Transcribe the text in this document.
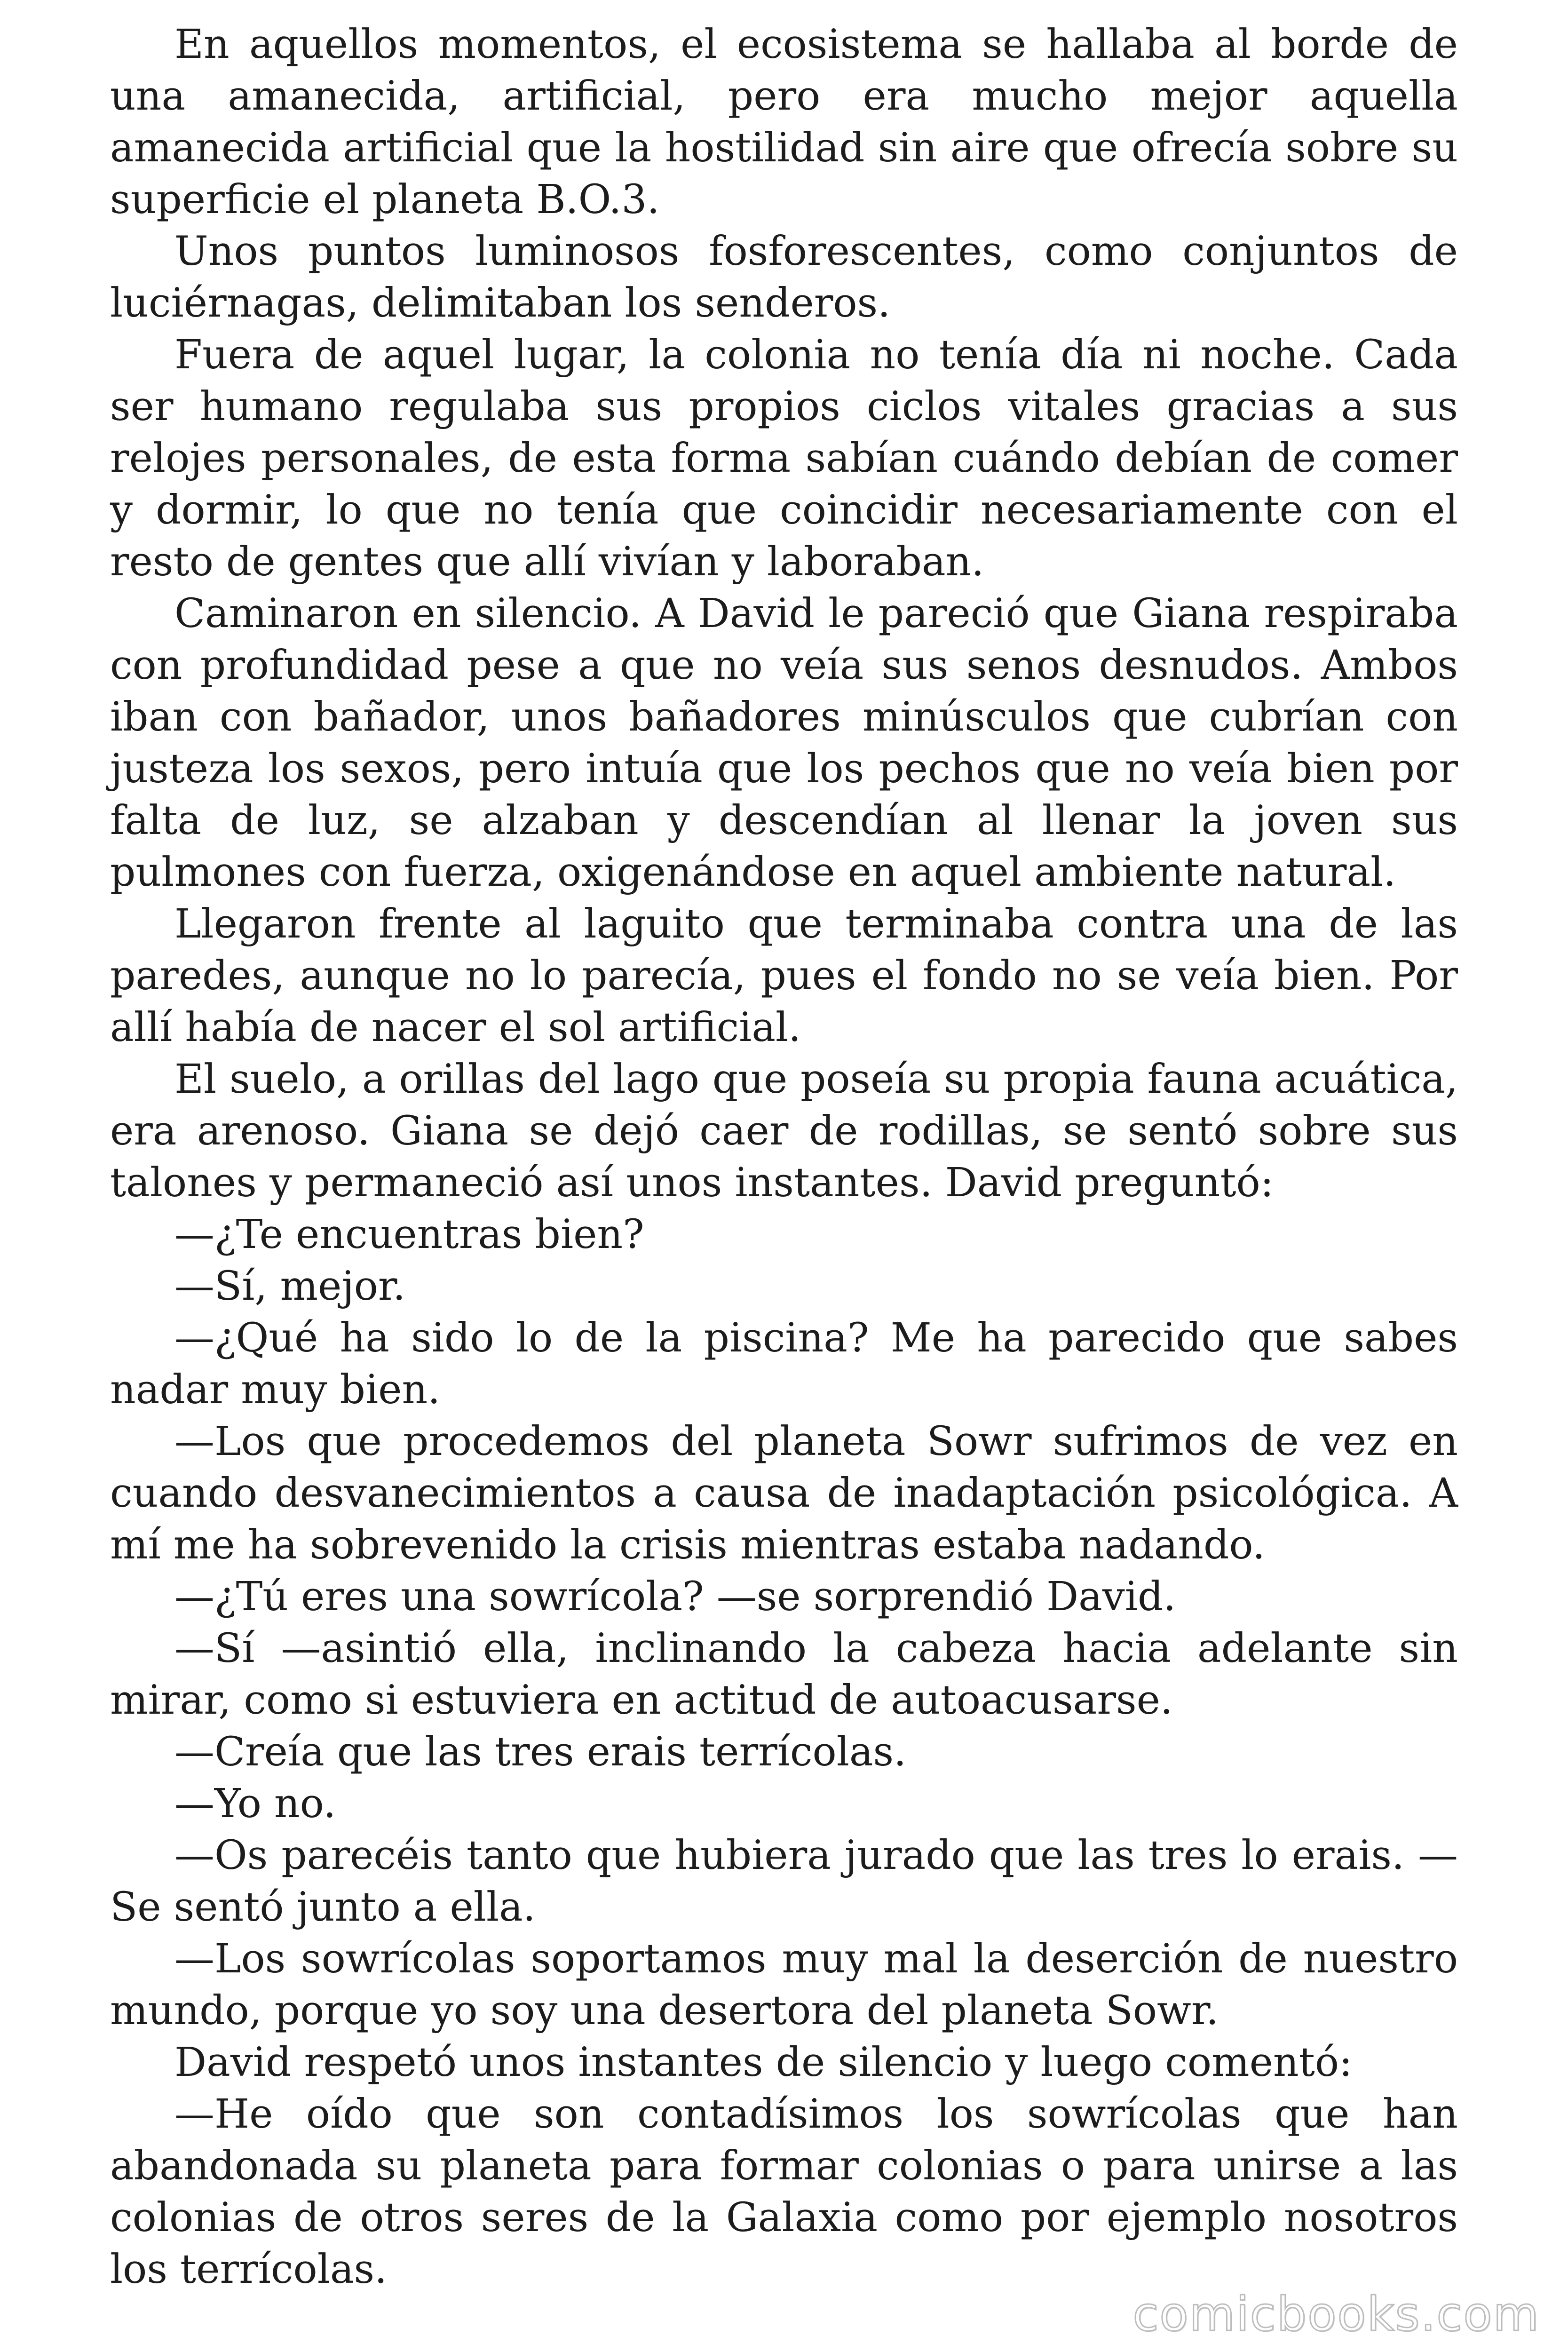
En aquellos momentos, el ecosistema se hallaba al borde de una amanecida, artificial, pero era mucho mejor aquella amanecida artificial que la hostilidad sin aire que ofrecía sobre su superficie el planeta B.O.3.

Unos puntos luminosos fosforescentes, como conjuntos de luciérnagas, delimitaban los senderos.

Fuera de aquel lugar, la colonia no tenía día ni noche. Cada ser humano regulaba sus propios ciclos vitales gracias a sus relojes personales, de esta forma sabían cuándo debían de comer y dormir, lo que no tenía que coincidir necesariamente con el resto de gentes que allí vivían y laboraban.

Caminaron en silencio. A David le pareció que Giana respiraba con profundidad pese a que no veía sus senos desnudos. Ambos iban con bañador, unos bañadores minúsculos que cubrían con justeza los sexos, pero intuía que los pechos que no veía bien por falta de luz, se alzaban y descendían al llenar la joven sus pulmones con fuerza, oxigenándose en aquel ambiente natural.

Llegaron frente al laguito que terminaba contra una de las paredes, aunque no lo parecía, pues el fondo no se veía bien. Por allí había de nacer el sol artificial.

El suelo, a orillas del lago que poseía su propia fauna acuática, era arenoso. Giana se dejó caer de rodillas, se sentó sobre sus talones y permaneció así unos instantes. David preguntó:

—¿Te encuentras bien?

—Sí, mejor.

—¿Qué ha sido lo de la piscina? Me ha parecido que sabes nadar muy bien.

—Los que procedemos del planeta Sowr sufrimos de vez en cuando desvanecimientos a causa de inadaptación psicológica. A mí me ha sobrevenido la crisis mientras estaba nadando.

—¿Tú eres una sowrícola? —se sorprendió David.

—Sí —asintió ella, inclinando la cabeza hacia adelante sin mirar, como si estuviera en actitud de autoacusarse.

—Creía que las tres erais terrícolas.

—Yo no.

—Os parecéis tanto que hubiera jurado que las tres lo erais. — Se sentó junto a ella.

—Los sowrícolas soportamos muy mal la deserción de nuestro mundo, porque yo soy una desertora del planeta Sowr.

David respetó unos instantes de silencio y luego comentó:

—He oído que son contadísimos los sowrícolas que han abandonada su planeta para formar colonias o para unirse a las colonias de otros seres de la Galaxia como por ejemplo nosotros los terrícolas.

comicbooks.com
